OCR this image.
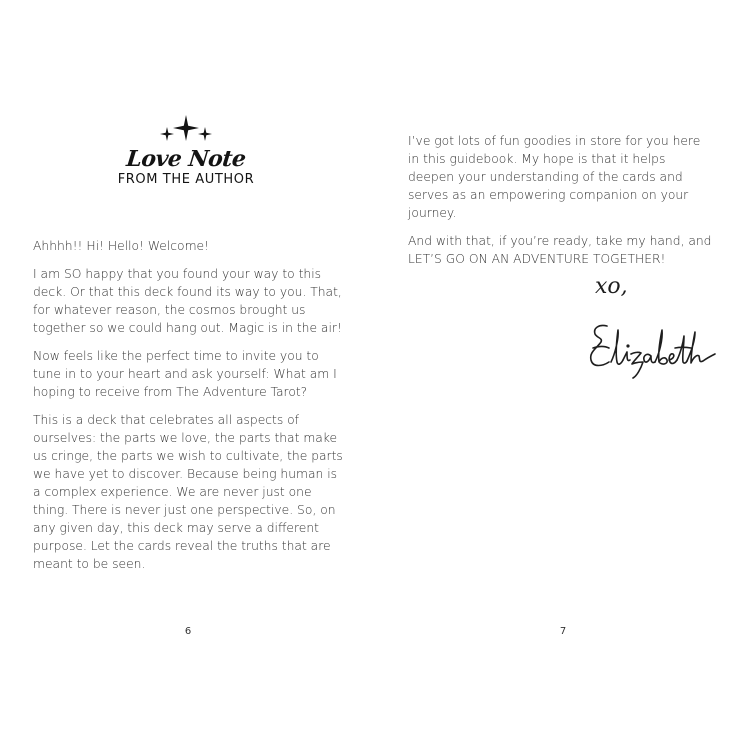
Love Note
FROM THE AUTHOR

Ahhhh!! Hi! Hello! Welcome!

I am SO happy that you found your way to this deck. Or that this deck found its way to you. That, for whatever reason, the cosmos brought us together so we could hang out. Magic is in the air!

Now feels like the perfect time to invite you to tune in to your heart and ask yourself: What am I hoping to receive from The Adventure Tarot?

This is a deck that celebrates all aspects of ourselves: the parts we love, the parts that make us cringe, the parts we wish to cultivate, the parts we have yet to discover. Because being human is a complex experience. We are never just one thing. There is never just one perspective. So, on any given day, this deck may serve a different purpose. Let the cards reveal the truths that are meant to be seen.

6

I’ve got lots of fun goodies in store for you here in this guidebook. My hope is that it helps deepen your understanding of the cards and serves as an empowering companion on your journey.

And with that, if you’re ready, take my hand, and LET’S GO ON AN ADVENTURE TOGETHER!

xo,
7
